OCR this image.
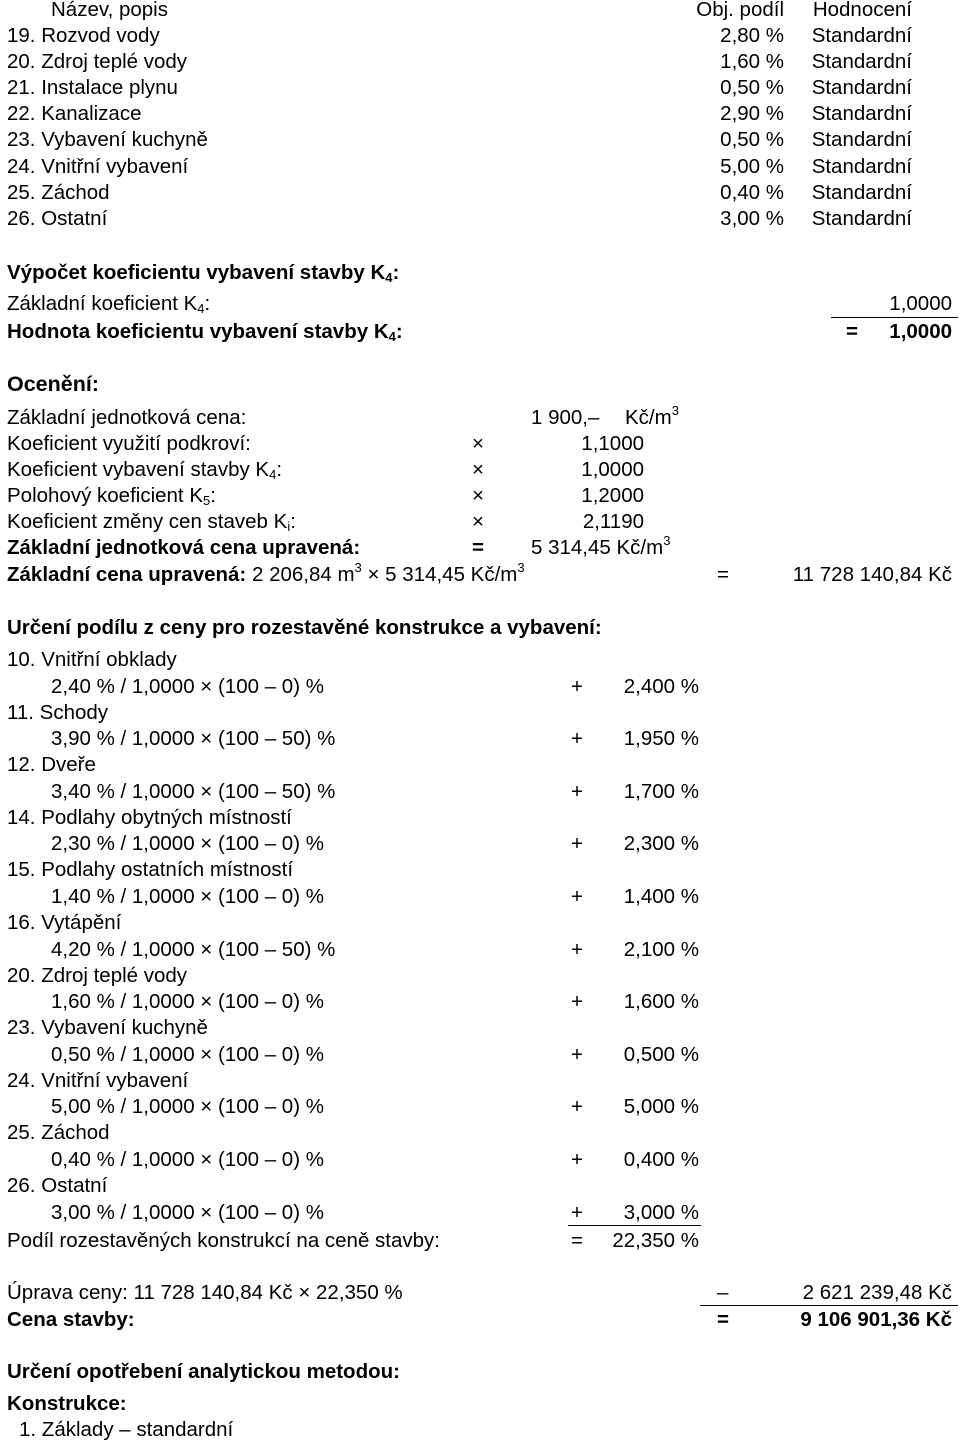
Název, popis	Obj. podíl Hodnocení
19. Rozvod vody	2,80 % Standardní
20. Zdroj teplé vody	1,60 % Standardní
21. Instalace plynu	0,50 % Standardní
22. Kanalizace	2,90 % Standardní
23. Vybavení kuchyně	0,50 % Standardní
24. Vnitřní vybavení	5,00 % Standardní
25. Záchod	0,40 % Standardní
26. Ostatní	3,00 % Standardní
Výpočet koeficientu vybavení stavby $K_4$:
Základní koeficient $K_4$:	1,0000
Hodnota koeficientu vybavení stavby $K_4$:	= 1,0000
Ocenění:
Základní jednotková cena:	1 900,– $Kč/m^3$
Koeficient využití podkroví:	×	1,1000
Koeficient vybavení stavby $K_4$:	×	1,0000
Polohový koeficient $K_5$:	×	1,2000
Koeficient změny cen staveb $K_i$:	×	2,1190
Základní jednotková cena upravená:	= 5 314,45 $Kč/m^3$
Základní cena upravená: 2 206,84 $m^3 \times 5$ 314,45 $Kč/m^3$	=	11 728 140,84 Kč
Určení podílu z ceny pro rozestavěné konstrukce a vybavení:
10. Vnitřní obklady
2,40 % / 1,0000 × (100 – 0) %	+ 2,400 %
11. Schody
3,90 % / 1,0000 × (100 – 50) %	+ 1,950 %
12. Dveře
3,40 % / 1,0000 × (100 – 50) %	+ 1,700 %
14. Podlahy obytných místností
2,30 % / 1,0000 × (100 – 0) %	+ 2,300 %
15. Podlahy ostatních místností
1,40 % / 1,0000 × (100 – 0) %	+ 1,400 %
16. Vytápění
4,20 % / 1,0000 × (100 – 50) %	+ 2,100 %
20. Zdroj teplé vody
1,60 % / 1,0000 × (100 – 0) %	+ 1,600 %
23. Vybavení kuchyně
0,50 % / 1,0000 × (100 – 0) %	+ 0,500 %
24. Vnitřní vybavení
5,00 % / 1,0000 × (100 – 0) %	+ 5,000 %
25. Záchod
0,40 % / 1,0000 × (100 – 0) %	+ 0,400 %
26. Ostatní
3,00 % / 1,0000 × (100 – 0) %	+ 3,000 %
Podíl rozestavěných konstrukcí na ceně stavby:	= 22,350 %
Úprava ceny: 11 728 140,84 Kč × 22,350 %	–	2 621 239,48 Kč
Cena stavby:	=	9 106 901,36 Kč
Určení opotřebení analytickou metodou:
Konstrukce:
1. Základy – standardní
